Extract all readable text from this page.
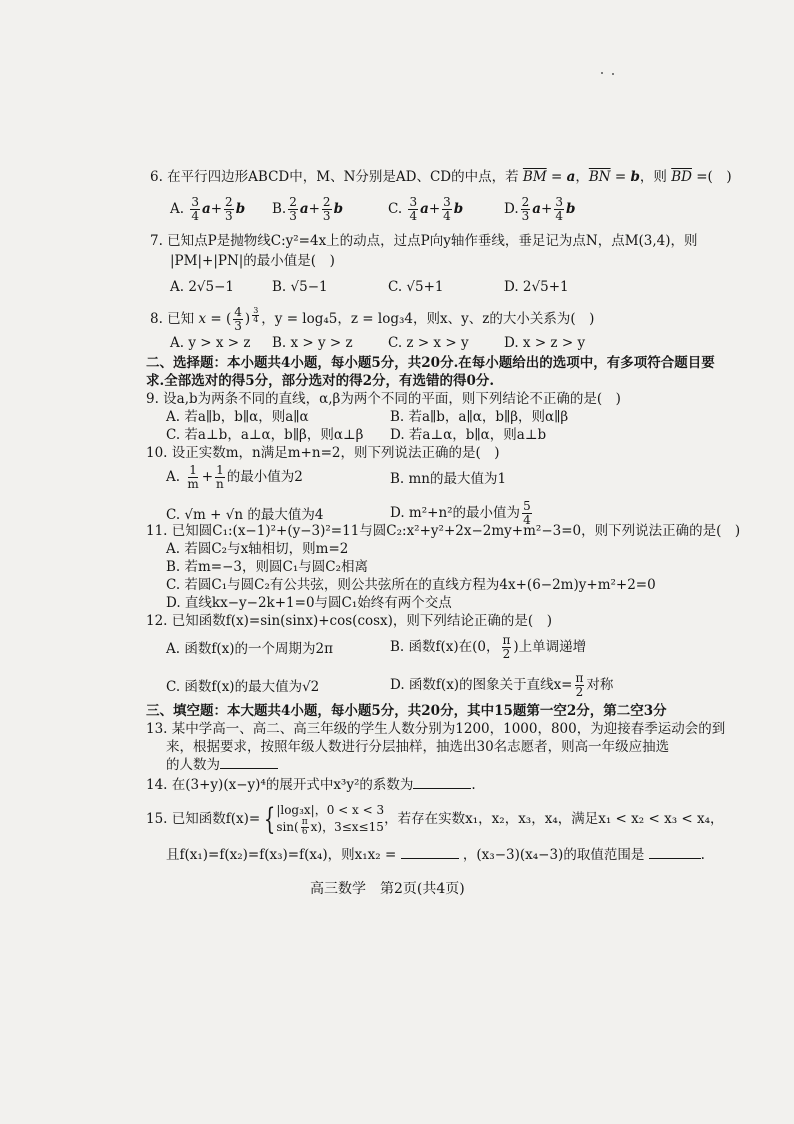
6. 在平行四边形ABCD中，M、N分别是AD、CD的中点，若 $\overline{BM} = a$，$\overline{BN} = b$，则 $\overline{BD}$ =(　)
A. $\frac{3}{4} a+ \frac{2}{3}$ b B. $\frac{2}{3} a+ \frac{2}{3}$ b	C. $\frac{3}{4} a+ \frac{3}{4}$ b	D. $\frac{2}{3} a+ \frac{3}{4}$ b
7. 已知点P是抛物线C:y²=4x上的动点，过点P向y轴作垂线，垂足记为点N，点M(3,4)，则
|PM|+|PN|的最小值是(　)
A. 2√5−1	B. √5−1	C. √5+1	D. 2√5+1
8. 已知 x = ( $\frac{4}{3}$ ) $^{\frac{3}{4}}$ ，y = log₄5，z = log₃4，则x、y、z的大小关系为(　)
A. y > x > z B. x > y > z	C. z > x > y	D. x > z > y
二、选择题：本小题共4小题，每小题5分，共20分.在每小题给出的选项中，有多项符合题目要
求.全部选对的得5分，部分选对的得2分，有选错的得0分.
9. 设a,b为两条不同的直线，α,β为两个不同的平面，则下列结论不正确的是(　)
A. 若a∥b，b∥α，则a∥α	B. 若a∥b，a∥α，b∥β，则α∥β
C. 若a⊥b，a⊥α，b∥β，则α⊥β D. 若a⊥α，b∥α，则a⊥b
10. 设正实数m，n满足m+n=2，则下列说法正确的是(　)
A. $\frac{1}{m} + \frac{1}{n}$ 的最小值为2	B. mn的最大值为1
C. √m + √n 的最大值为4	D. m²+n²的最小值为 $\frac{5}{4}$
11. 已知圆C₁:(x−1)²+(y−3)²=11与圆C₂:x²+y²+2x−2my+m²−3=0，则下列说法正确的是(　)
A. 若圆C₂与x轴相切，则m=2
B. 若m=−3，则圆C₁与圆C₂相离
C. 若圆C₁与圆C₂有公共弦，则公共弦所在的直线方程为4x+(6−2m)y+m²+2=0
D. 直线kx−y−2k+1=0与圆C₁始终有两个交点
12. 已知函数f(x)=sin(sinx)+cos(cosx)，则下列结论正确的是(　)
A. 函数f(x)的一个周期为2π	B. 函数f(x)在(0， $\frac{\pi}{2}$ )上单调递增
C. 函数f(x)的最大值为√2	D. 函数f(x)的图象关于直线$x= \frac{\pi}{2}$ 对称
三、填空题：本大题共4小题，每小题5分，共20分，其中15题第一空2分，第二空3分
13. 某中学高一、高二、高三年级的学生人数分别为1200，1000，800，为迎接春季运动会的到
来，根据要求，按照年级人数进行分层抽样，抽选出30名志愿者，则高一年级应抽选
的人数为
14. 在(3+y)(x−y)⁴的展开式中x³y²的系数为	.
15. 已知函数f(x)= { |log₃x|，0 < x < 3
$\sin( \frac{\pi}{6} x)$，3≤x≤15 ，若存在实数x₁，x₂，x₃，x₄，满足x₁ < x₂ < x₃ < x₄，
且f(x₁)=f(x₂)=f(x₃)=f(x₄)，则x₁x₂ =	，(x₃−3)(x₄−3)的取值范围是	.
高三数学　第2页(共4页)
